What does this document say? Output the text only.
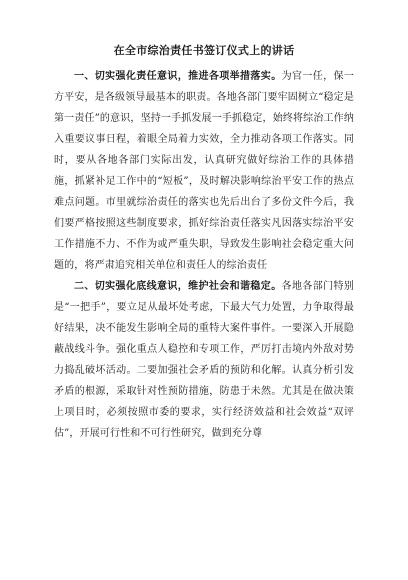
在全市综治责任书签订仪式上的讲话

一、切实强化责任意识，推进各项举措落实。为官一任，保一方平安，是各级领导最基本的职责。各地各部门要牢固树立“稳定是第一责任”的意识，坚持一手抓发展一手抓稳定，始终将综治工作纳入重要议事日程，着眼全局着力实效，全力推动各项工作落实。同时，要从各地各部门实际出发，认真研究做好综治工作的具体措施，抓紧补足工作中的“短板”，及时解决影响综治平安工作的热点难点问题。市里就综治责任的落实也先后出台了多份文件今后，我们要严格按照这些制度要求，抓好综治责任落实凡因落实综治平安工作措施不力、不作为或严重失职，导致发生影响社会稳定重大问题的，将严肃追究相关单位和责任人的综治责任

二、切实强化底线意识，维护社会和谐稳定。各地各部门特别是“一把手”，要立足从最坏处考虑，下最大气力处置，力争取得最好结果，决不能发生影响全局的重特大案件事件。一要深入开展隐蔽战线斗争。强化重点人稳控和专项工作，严厉打击境内外敌对势力捣乱破坏活动。二要加强社会矛盾的预防和化解。认真分析引发矛盾的根源，采取针对性预防措施，防患于未然。尤其是在做决策上项目时，必须按照市委的要求，实行经济效益和社会效益“双评估”，开展可行性和不可行性研究，做到充分尊
